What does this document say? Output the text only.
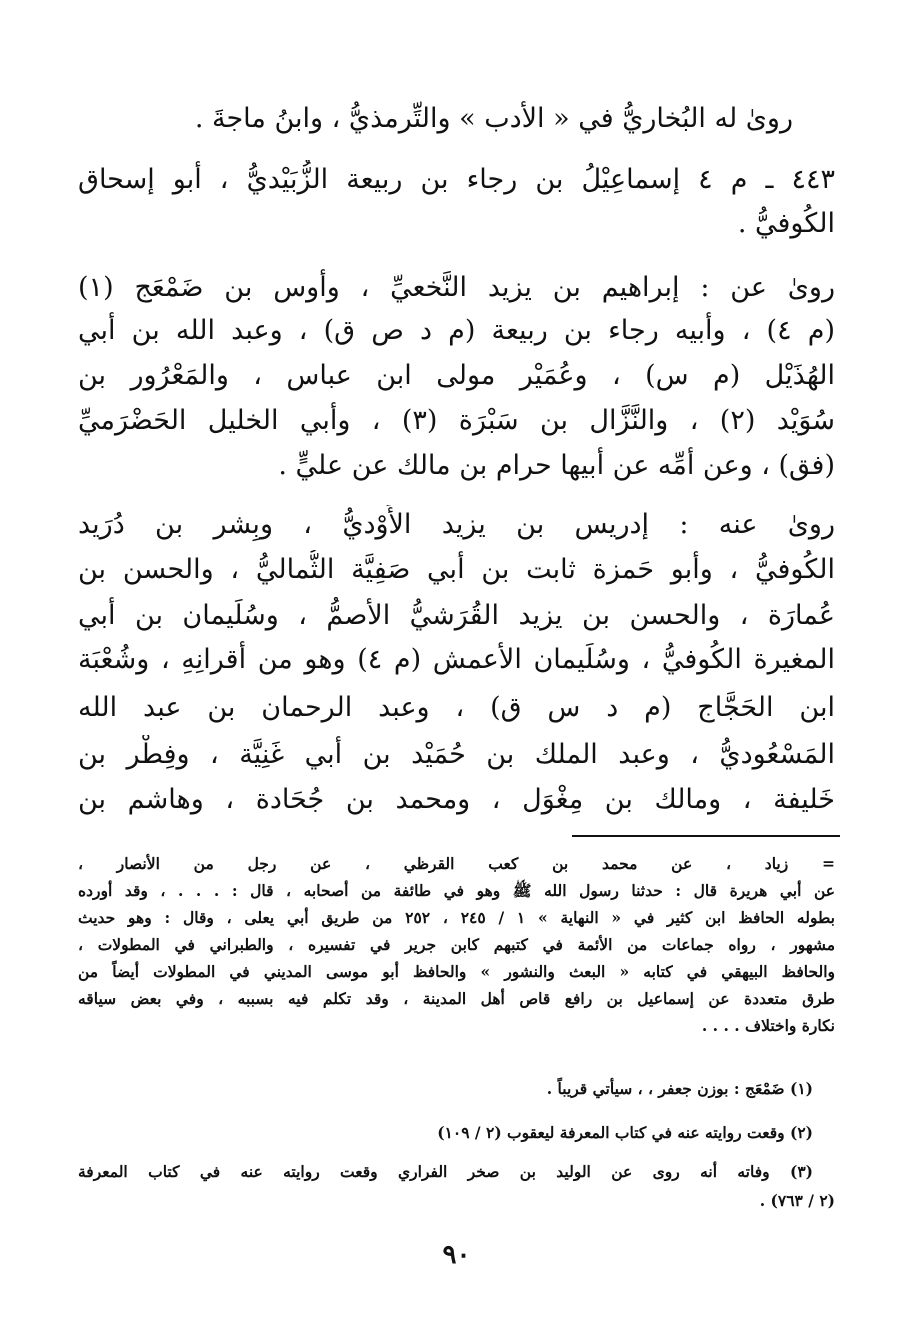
رویٰ له البُخاريُّ في « الأدب » والتِّرمذيُّ ، وابنُ ماجةَ .
٤٤٣ ـ م ٤ إسماعِيْلُ بن رجاء بن ربيعة الزُّبَيْديُّ ، أبو إسحاق
الكُوفيُّ .
رویٰ عن : إبراهيم بن يزيد النَّخعيِّ ، وأوس بن ضَمْعَج (١)
(م ٤) ، وأبيه رجاء بن ربيعة (م د ص ق) ، وعبد الله بن أبي
الهُذَيْل (م س) ، وعُمَيْر مولى ابن عباس ، والمَعْرُور بن
سُوَيْد (٢) ، والنَّزَّال بن سَبْرَة (٣) ، وأبي الخليل الحَضْرَميِّ
(فق) ، وعن أُمِّه عن أبيها حرام بن مالك عن عليٍّ .
رویٰ عنه : إدريس بن يزيد الأَوْديُّ ، وبِشر بن دُرَيد
الكُوفيُّ ، وأبو حَمزة ثابت بن أبي صَفِيَّة الثُّماليُّ ، والحسن بن
عُمارَة ، والحسن بن يزيد القُرَشيُّ الأصمُّ ، وسُلَيمان بن أبي
المغيرة الكُوفيُّ ، وسُلَيمان الأعمش (م ٤) وهو من أقرانِهِ ، وشُعْبَة
ابن الحَجَّاج (م د س ق) ، وعبد الرحمان بن عبد الله
المَسْعُوديُّ ، وعبد الملك بن حُمَيْد بن أبي غَنِيَّة ، وفِطْر بن
خَليفة ، ومالك بن مِغْوَل ، ومحمد بن جُحَادة ، وهاشم بن
= زياد ، عن محمد بن كعب القرظي ، عن رجل من الأنصار ،
عن أبي هريرة قال : حدثنا رسول الله ﷺ وهو في طائفة من أصحابه ، قال : . . . ، وقد أورده
بطوله الحافظ ابن كثير في « النهاية » ١ / ٢٤٥ ، ٢٥٢ من طريق أبي يعلى ، وقال : وهو حديث
مشهور ، رواه جماعات من الأئمة في كتبهم كابن جرير في تفسيره ، والطبراني في المطولات ،
والحافظ البيهقي في كتابه « البعث والنشور » والحافظ أبو موسى المديني في المطولات أيضاً من
طرق متعددة عن إسماعيل بن رافع قاص أهل المدينة ، وقد تكلم فيه بسببه ، وفي بعض سياقه
نكارة واختلاف . . . .
(١) ضَمْعَج : بوزن جعفر ، ، سيأتي قريباً .
(٢) وقعت روايته عنه في كتاب المعرفة ليعقوب (٢ / ١٠٩)
(٣) وفاته أنه روى عن الوليد بن صخر الفراري وقعت روايته عنه في كتاب المعرفة
(٢ / ٧٦٣) .
٩٠
